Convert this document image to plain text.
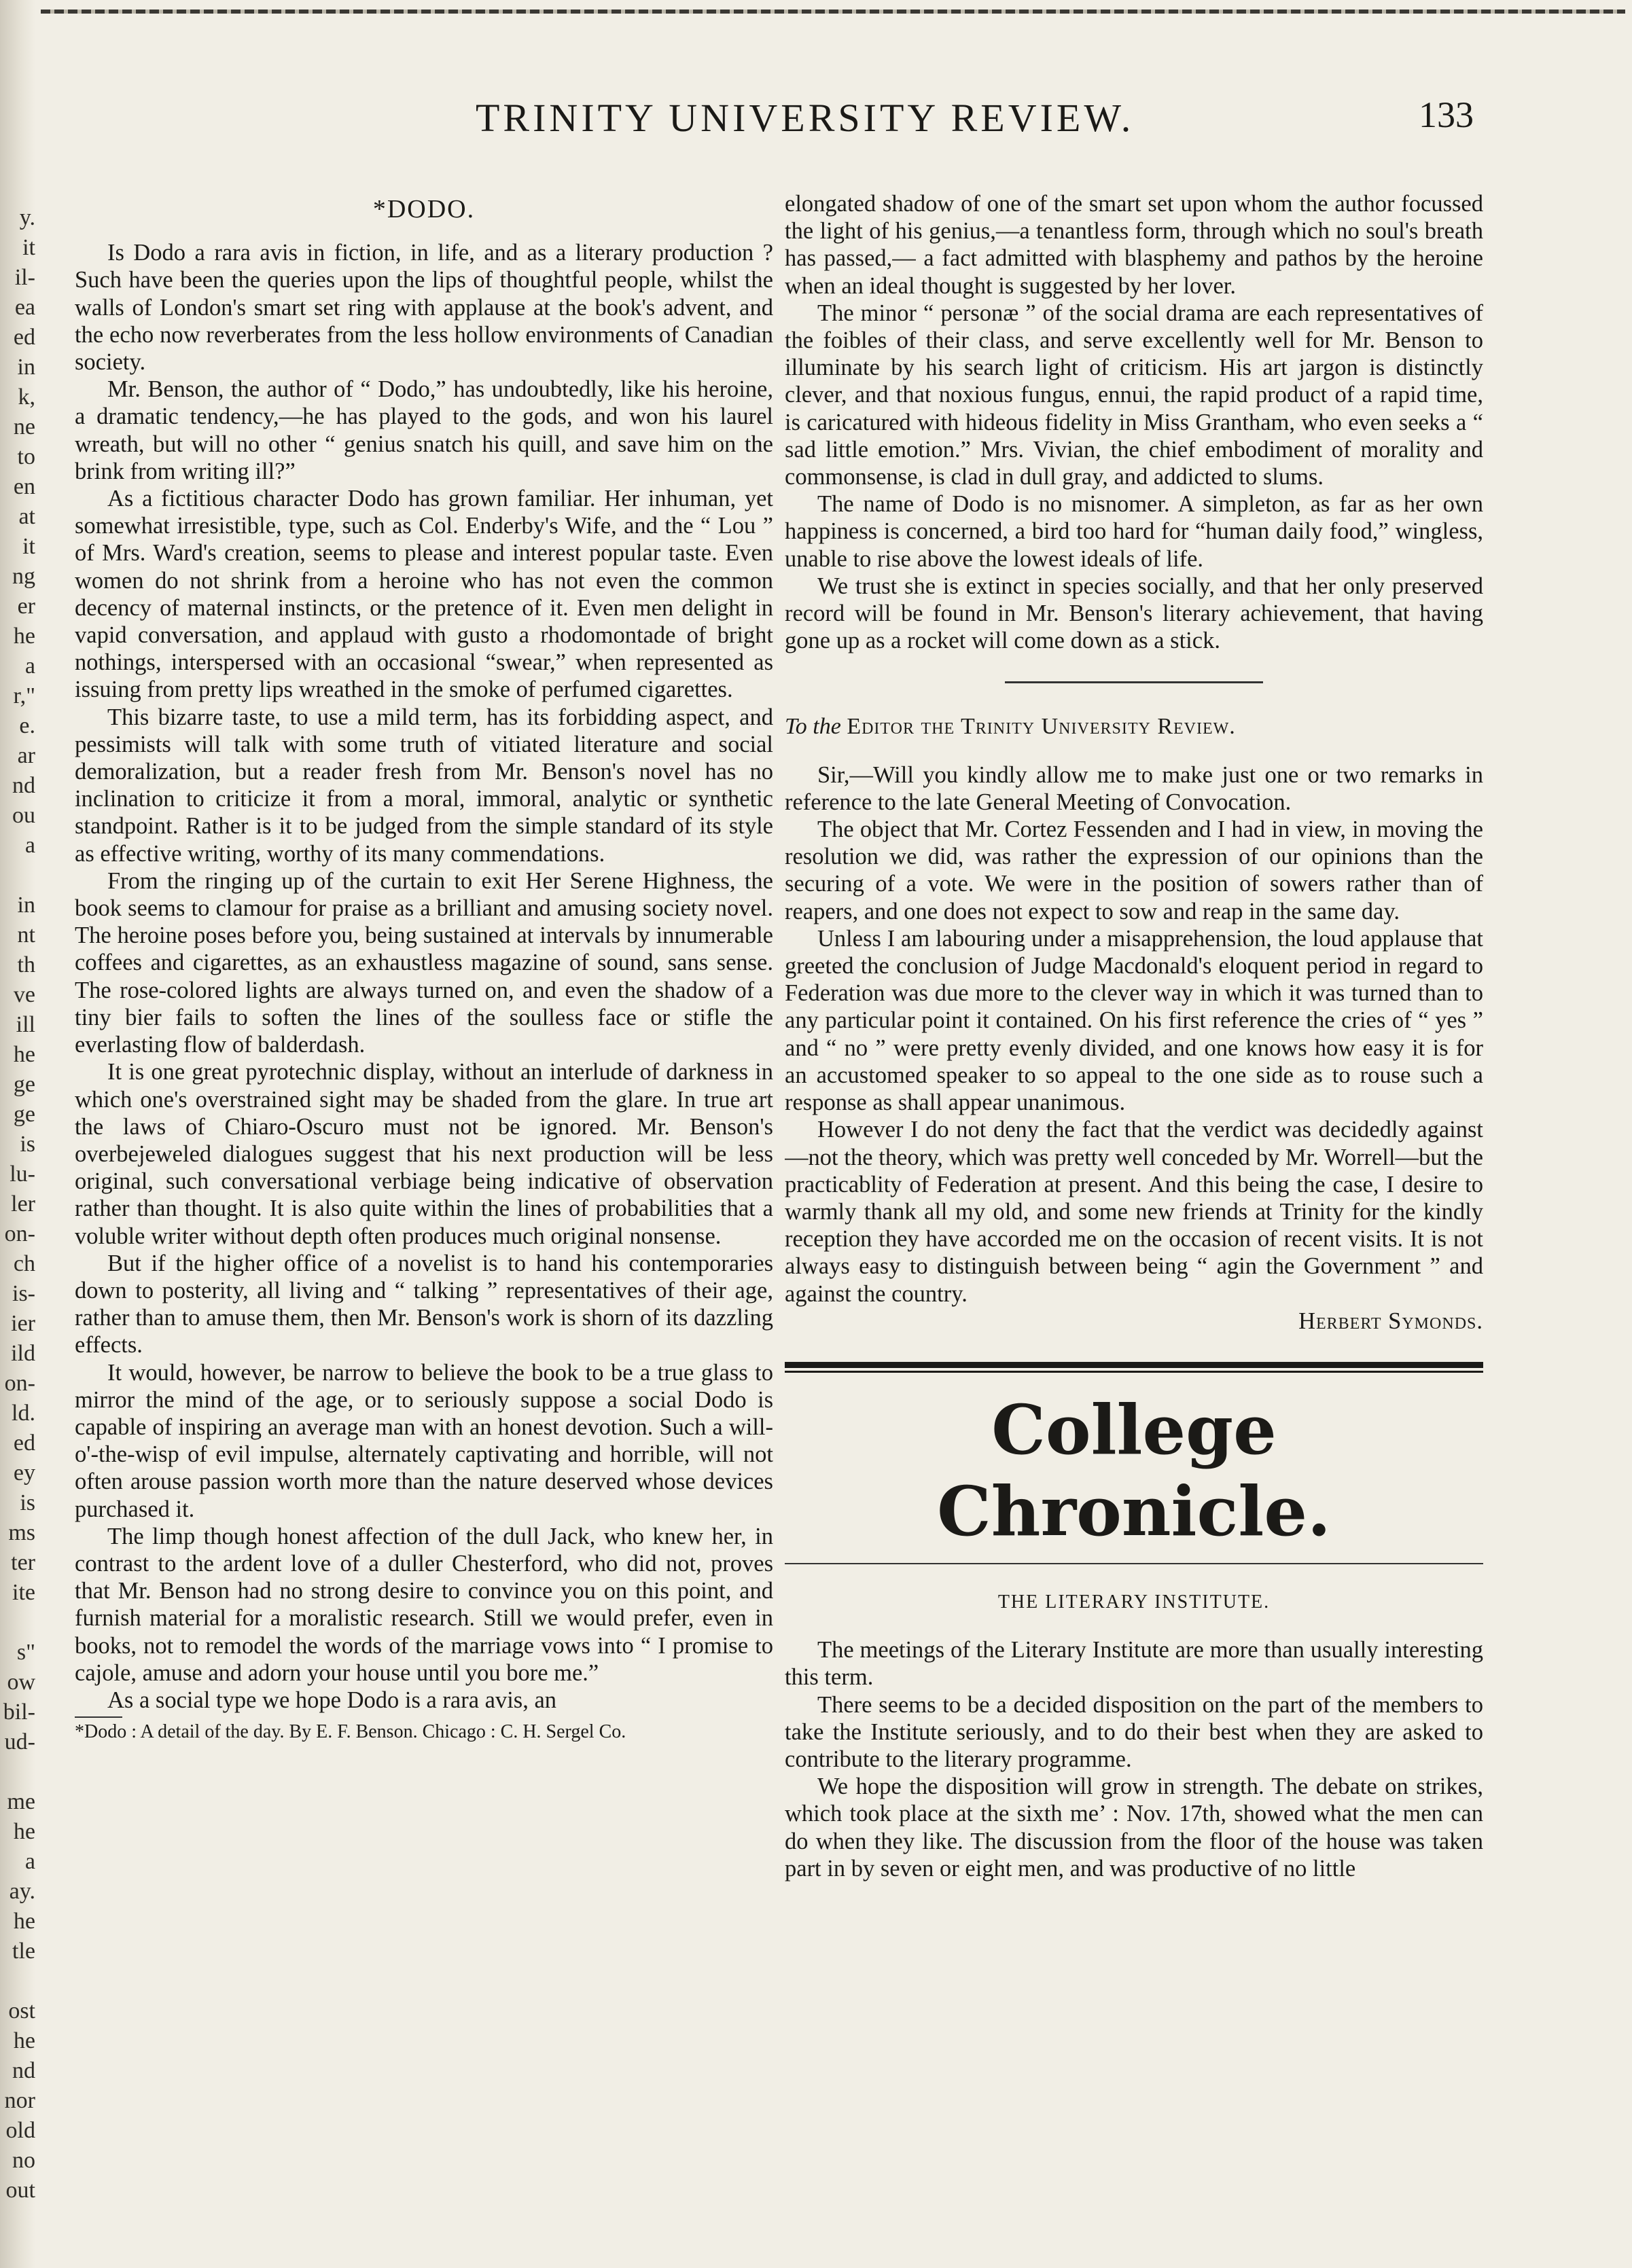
y.
it
il-
ea
ed
in
k,
ne
to
en
at
it
ng
er
he
a
r,"
e.
ar
nd
ou
a
in
nt
th
ve
ill
he
ge
ge
is
lu-
ler
on-
ch
is-
ier
ild
on-
ld.
ed
ey
is
ms
ter
ite
s"
ow
bil-
ud-
me
he
a
ay.
he
tle
ost
he
nd
nor
old
no
out
TRINITY UNIVERSITY REVIEW.	133
*DODO.

Is Dodo a rara avis in fiction, in life, and as a literary production ? Such have been the queries upon the lips of thoughtful people, whilst the walls of London's smart set ring with applause at the book's advent, and the echo now reverberates from the less hollow environments of Canadian society.

Mr. Benson, the author of “ Dodo,” has undoubtedly, like his heroine, a dramatic tendency,—he has played to the gods, and won his laurel wreath, but will no other “ genius snatch his quill, and save him on the brink from writing ill?”

As a fictitious character Dodo has grown familiar. Her inhuman, yet somewhat irresistible, type, such as Col. Enderby's Wife, and the “ Lou ” of Mrs. Ward's creation, seems to please and interest popular taste. Even women do not shrink from a heroine who has not even the common decency of maternal instincts, or the pretence of it. Even men delight in vapid conversation, and applaud with gusto a rhodomontade of bright nothings, interspersed with an occasional “swear,” when represented as issuing from pretty lips wreathed in the smoke of perfumed cigarettes.

This bizarre taste, to use a mild term, has its forbidding aspect, and pessimists will talk with some truth of vitiated literature and social demoralization, but a reader fresh from Mr. Benson's novel has no inclination to criticize it from a moral, immoral, analytic or synthetic standpoint. Rather is it to be judged from the simple standard of its style as effective writing, worthy of its many commendations.

From the ringing up of the curtain to exit Her Serene Highness, the book seems to clamour for praise as a brilliant and amusing society novel. The heroine poses before you, being sustained at intervals by innumerable coffees and cigarettes, as an exhaustless magazine of sound, sans sense. The rose-colored lights are always turned on, and even the shadow of a tiny bier fails to soften the lines of the soulless face or stifle the everlasting flow of balderdash.

It is one great pyrotechnic display, without an interlude of darkness in which one's overstrained sight may be shaded from the glare. In true art the laws of Chiaro-Oscuro must not be ignored. Mr. Benson's overbejeweled dialogues suggest that his next production will be less original, such conversational verbiage being indicative of observation rather than thought. It is also quite within the lines of probabilities that a voluble writer without depth often produces much original nonsense.

But if the higher office of a novelist is to hand his contemporaries down to posterity, all living and “ talking ” representatives of their age, rather than to amuse them, then Mr. Benson's work is shorn of its dazzling effects.

It would, however, be narrow to believe the book to be a true glass to mirror the mind of the age, or to seriously suppose a social Dodo is capable of inspiring an average man with an honest devotion. Such a will-o'-the-wisp of evil impulse, alternately captivating and horrible, will not often arouse passion worth more than the nature deserved whose devices purchased it.

The limp though honest affection of the dull Jack, who knew her, in contrast to the ardent love of a duller Chesterford, who did not, proves that Mr. Benson had no strong desire to convince you on this point, and furnish material for a moralistic research. Still we would prefer, even in books, not to remodel the words of the marriage vows into “ I promise to cajole, amuse and adorn your house until you bore me.”

As a social type we hope Dodo is a rara avis, an

*Dodo : A detail of the day. By E. F. Benson. Chicago : C. H. Sergel Co.

elongated shadow of one of the smart set upon whom the author focussed the light of his genius,—a tenantless form, through which no soul's breath has passed,— a fact admitted with blasphemy and pathos by the heroine when an ideal thought is suggested by her lover.

The minor “ personæ ” of the social drama are each representatives of the foibles of their class, and serve excellently well for Mr. Benson to illuminate by his search light of criticism. His art jargon is distinctly clever, and that noxious fungus, ennui, the rapid product of a rapid time, is caricatured with hideous fidelity in Miss Grantham, who even seeks a “ sad little emotion.” Mrs. Vivian, the chief embodiment of morality and commonsense, is clad in dull gray, and addicted to slums.

The name of Dodo is no misnomer. A simpleton, as far as her own happiness is concerned, a bird too hard for “human daily food,” wingless, unable to rise above the lowest ideals of life.

We trust she is extinct in species socially, and that her only preserved record will be found in Mr. Benson's literary achievement, that having gone up as a rocket will come down as a stick.

To the Editor the Trinity University Review.

Sir,—Will you kindly allow me to make just one or two remarks in reference to the late General Meeting of Convocation.

The object that Mr. Cortez Fessenden and I had in view, in moving the resolution we did, was rather the expression of our opinions than the securing of a vote. We were in the position of sowers rather than of reapers, and one does not expect to sow and reap in the same day.

Unless I am labouring under a misapprehension, the loud applause that greeted the conclusion of Judge Macdonald's eloquent period in regard to Federation was due more to the clever way in which it was turned than to any particular point it contained. On his first reference the cries of “ yes ” and “ no ” were pretty evenly divided, and one knows how easy it is for an accustomed speaker to so appeal to the one side as to rouse such a response as shall appear unanimous.

However I do not deny the fact that the verdict was decidedly against—not the theory, which was pretty well conceded by Mr. Worrell—but the practicablity of Federation at present. And this being the case, I desire to warmly thank all my old, and some new friends at Trinity for the kindly reception they have accorded me on the occasion of recent visits. It is not always easy to distinguish between being “ agin the Government ” and against the country.

Herbert Symonds.

College Chronicle.
THE LITERARY INSTITUTE.

The meetings of the Literary Institute are more than usually interesting this term.

There seems to be a decided disposition on the part of the members to take the Institute seriously, and to do their best when they are asked to contribute to the literary programme.

We hope the disposition will grow in strength. The debate on strikes, which took place at the sixth me’ : Nov. 17th, showed what the men can do when they like. The discussion from the floor of the house was taken part in by seven or eight men, and was productive of no little
